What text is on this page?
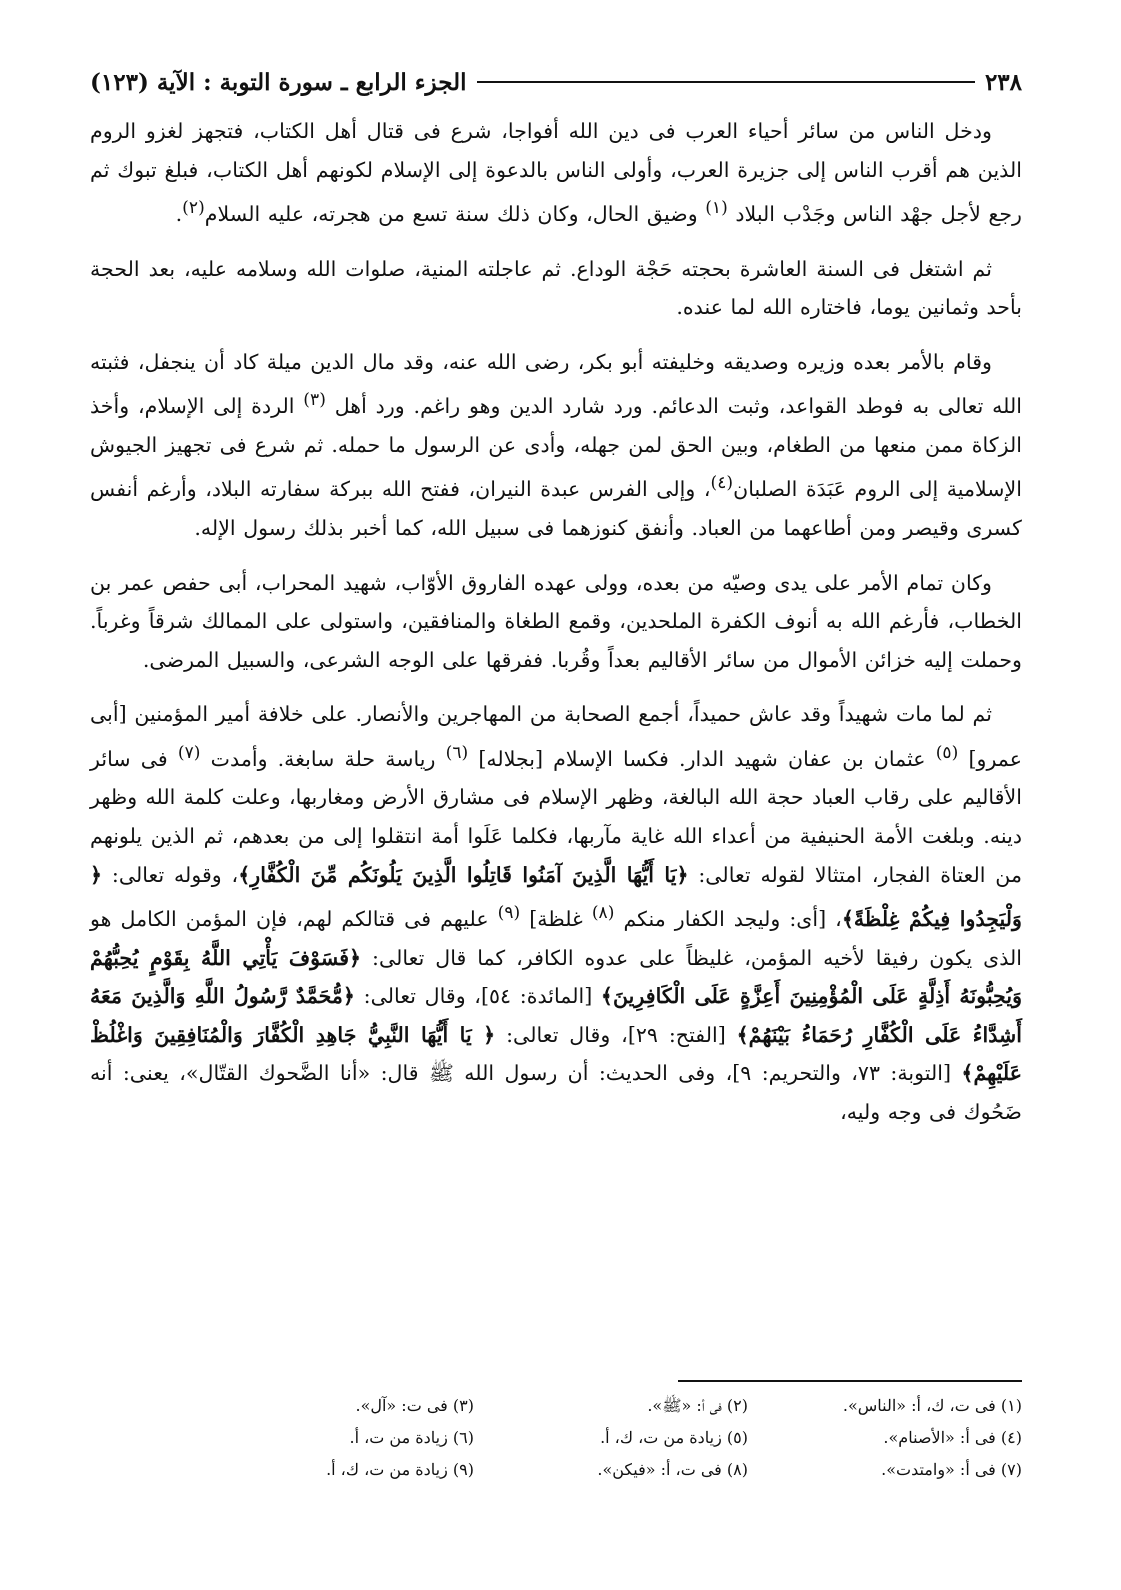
٢٣٨
الجزء الرابع ـ سورة التوبة : الآية (١٢٣)

ودخل الناس من سائر أحياء العرب فى دين الله أفواجا، شرع فى قتال أهل الكتاب، فتجهز لغزو الروم الذين هم أقرب الناس إلى جزيرة العرب، وأولى الناس بالدعوة إلى الإسلام لكونهم أهل الكتاب، فبلغ تبوك ثم رجع لأجل جهْد الناس وجَدْب البلاد $^{(١)}$ وضيق الحال، وكان ذلك سنة تسع من هجرته، عليه السلام$^{(٢)}$.

ثم اشتغل فى السنة العاشرة بحجته حَجْة الوداع. ثم عاجلته المنية، صلوات الله وسلامه عليه، بعد الحجة بأحد وثمانين يوما، فاختاره الله لما عنده.

وقام بالأمر بعده وزيره وصديقه وخليفته أبو بكر، رضى الله عنه، وقد مال الدين ميلة كاد أن ينجفل، فثبته الله تعالى به فوطد القواعد، وثبت الدعائم. ورد شارد الدين وهو راغم. ورد أهل $^{(٣)}$ الردة إلى الإسلام، وأخذ الزكاة ممن منعها من الطغام، وبين الحق لمن جهله، وأدى عن الرسول ما حمله. ثم شرع فى تجهيز الجيوش الإسلامية إلى الروم عَبَدَة الصلبان$^{(٤)}$، وإلى الفرس عبدة النيران، ففتح الله ببركة سفارته البلاد، وأرغم أنفس كسرى وقيصر ومن أطاعهما من العباد. وأنفق كنوزهما فى سبيل الله، كما أخبر بذلك رسول الإله.

وكان تمام الأمر على يدى وصيّه من بعده، وولى عهده الفاروق الأوّاب، شهيد المحراب، أبى حفص عمر بن الخطاب، فأرغم الله به أنوف الكفرة الملحدين، وقمع الطغاة والمنافقين، واستولى على الممالك شرقاً وغرباً. وحملت إليه خزائن الأموال من سائر الأقاليم بعداً وقُربا. ففرقها على الوجه الشرعى، والسبيل المرضى.

ثم لما مات شهيداً وقد عاش حميداً، أجمع الصحابة من المهاجرين والأنصار. على خلافة أمير المؤمنين [أبى عمرو] $^{(٥)}$ عثمان بن عفان شهيد الدار. فكسا الإسلام [بجلاله] $^{(٦)}$ رياسة حلة سابغة. وأمدت $^{(٧)}$ فى سائر الأقاليم على رقاب العباد حجة الله البالغة، وظهر الإسلام فى مشارق الأرض ومغاربها، وعلت كلمة الله وظهر دينه. وبلغت الأمة الحنيفية من أعداء الله غاية مآربها، فكلما عَلَوا أمة انتقلوا إلى من بعدهم، ثم الذين يلونهم من العتاة الفجار، امتثالا لقوله تعالى: ﴿يَا أَيُّهَا الَّذِينَ آمَنُوا قَاتِلُوا الَّذِينَ يَلُونَكُم مِّنَ الْكُفَّارِ﴾، وقوله تعالى: ﴿ وَلْيَجِدُوا فِيكُمْ غِلْظَةً﴾، [أى: وليجد الكفار منكم $^{(٨)}$ غلظة] $^{(٩)}$ عليهم فى قتالكم لهم، فإن المؤمن الكامل هو الذى يكون رفيقا لأخيه المؤمن، غليظاً على عدوه الكافر، كما قال تعالى: ﴿فَسَوْفَ يَأْتِي اللَّهُ بِقَوْمٍ يُحِبُّهُمْ وَيُحِبُّونَهُ أَذِلَّةٍ عَلَى الْمُؤْمِنِينَ أَعِزَّةٍ عَلَى الْكَافِرِينَ﴾ [المائدة: ٥٤]، وقال تعالى: ﴿مُّحَمَّدٌ رَّسُولُ اللَّهِ وَالَّذِينَ مَعَهُ أَشِدَّاءُ عَلَى الْكُفَّارِ رُحَمَاءُ بَيْنَهُمْ﴾ [الفتح: ٢٩]، وقال تعالى: ﴿ يَا أَيُّهَا النَّبِيُّ جَاهِدِ الْكُفَّارَ وَالْمُنَافِقِينَ وَاغْلُظْ عَلَيْهِمْ﴾ [التوبة: ٧٣، والتحريم: ٩]، وفى الحديث: أن رسول الله ﷺ قال: «أنا الضَّحوك القتّال»، يعنى: أنه ضَحُوك فى وجه وليه،

(١) فى ت، ك، أ: «الناس».
(٢) فى أ: «ﷺ».
(٣) فى ت: «آل».
(٤) فى أ: «الأصنام».
(٥) زيادة من ت، ك، أ.
(٦) زيادة من ت، أ.
(٧) فى أ: «وامتدت».
(٨) فى ت، أ: «فيكن».
(٩) زيادة من ت، ك، أ.
